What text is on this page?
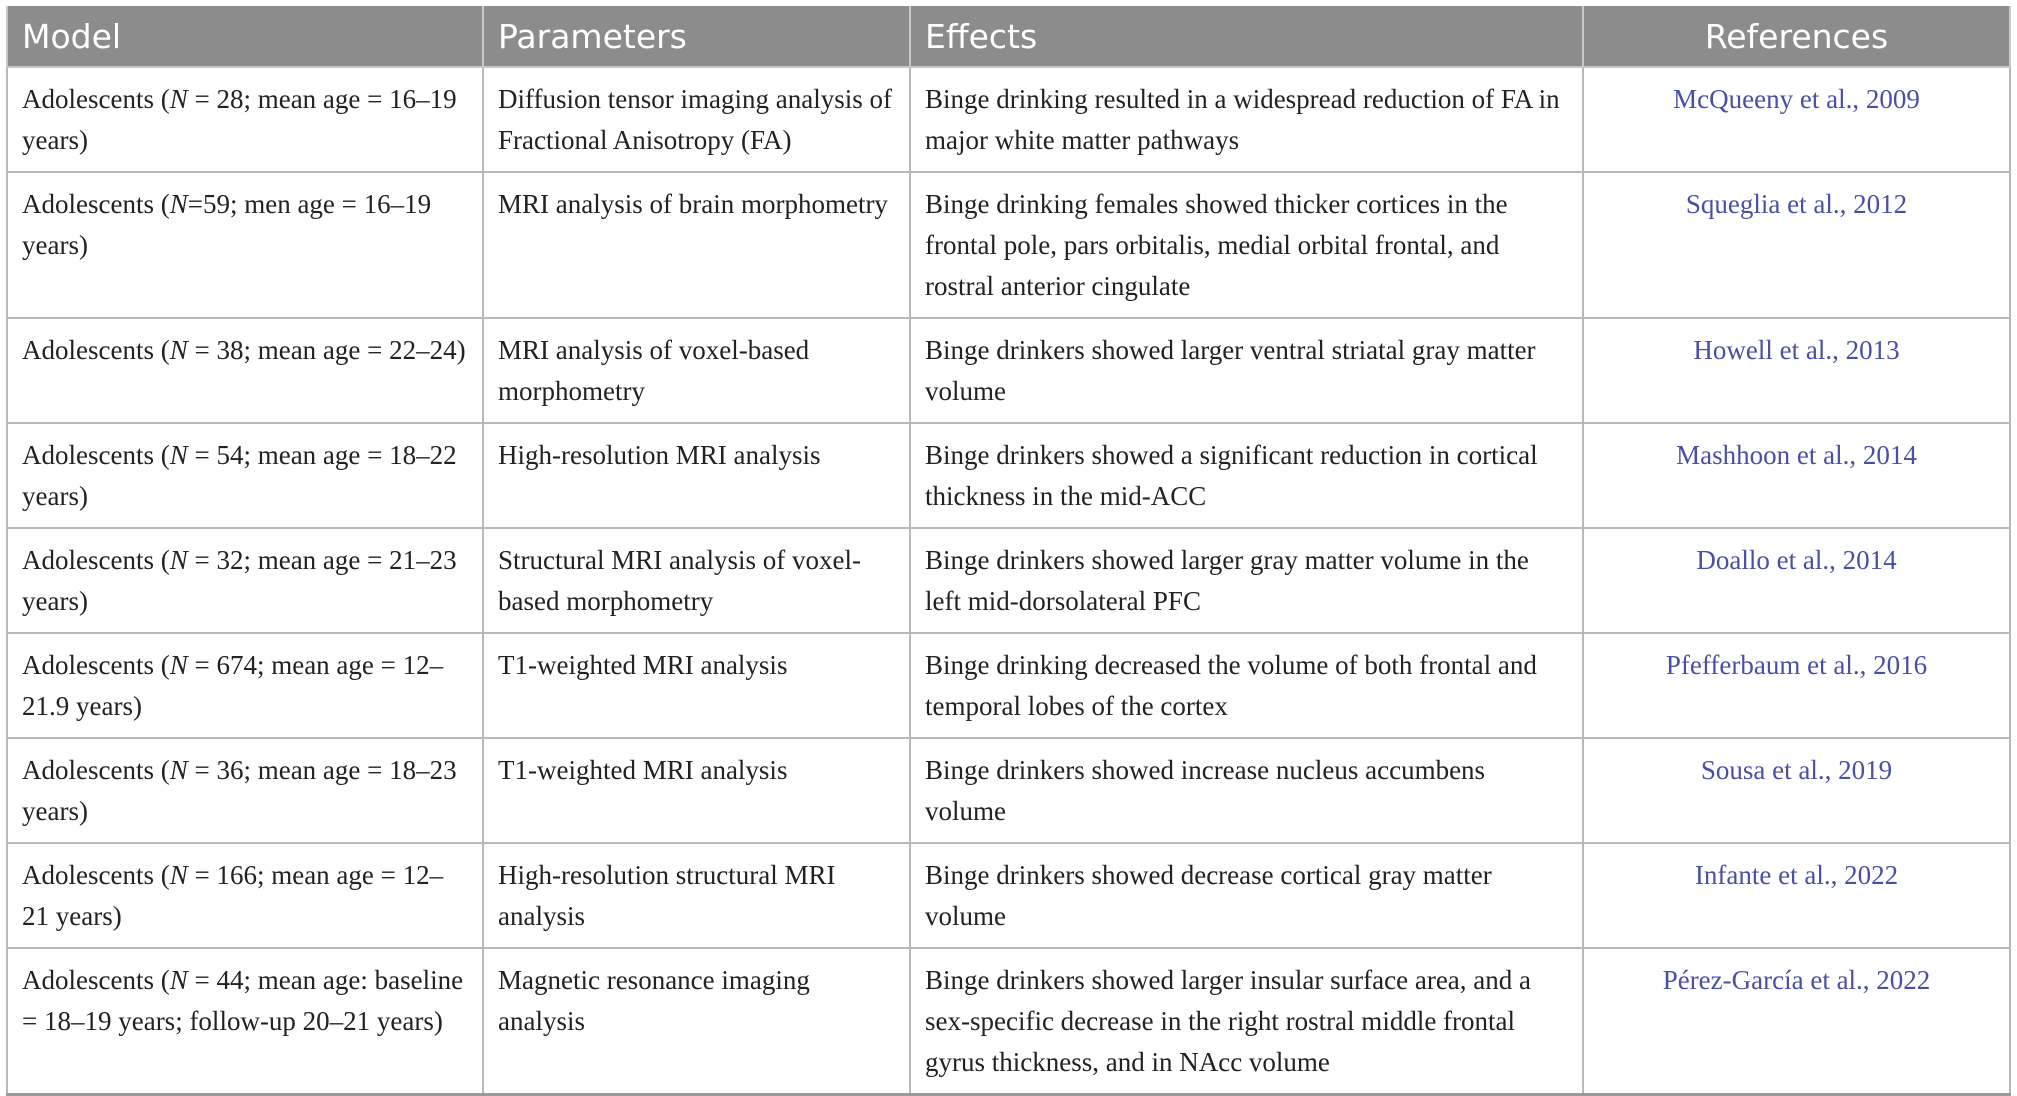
Model	Parameters	Effects	References
Adolescents (N = 28; mean age = 16–19 years)	Diffusion tensor imaging analysis of Fractional Anisotropy (FA)	Binge drinking resulted in a widespread reduction of FA in major white matter pathways	McQueeny et al., 2009
Adolescents (N=59; men age = 16–19 years)	MRI analysis of brain morphometry	Binge drinking females showed thicker cortices in the frontal pole, pars orbitalis, medial orbital frontal, and rostral anterior cingulate	Squeglia et al., 2012
Adolescents (N = 38; mean age = 22–24)	MRI analysis of voxel-based morphometry	Binge drinkers showed larger ventral striatal gray matter volume	Howell et al., 2013
Adolescents (N = 54; mean age = 18–22 years)	High-resolution MRI analysis	Binge drinkers showed a significant reduction in cortical thickness in the mid-ACC	Mashhoon et al., 2014
Adolescents (N = 32; mean age = 21–23 years)	Structural MRI analysis of voxel-based morphometry	Binge drinkers showed larger gray matter volume in the left mid-dorsolateral PFC	Doallo et al., 2014
Adolescents (N = 674; mean age = 12–21.9 years)	T1-weighted MRI analysis	Binge drinking decreased the volume of both frontal and temporal lobes of the cortex	Pfefferbaum et al., 2016
Adolescents (N = 36; mean age = 18–23 years)	T1-weighted MRI analysis	Binge drinkers showed increase nucleus accumbens volume	Sousa et al., 2019
Adolescents (N = 166; mean age = 12–21 years)	High-resolution structural MRI analysis	Binge drinkers showed decrease cortical gray matter volume	Infante et al., 2022
Adolescents (N = 44; mean age: baseline = 18–19 years; follow-up 20–21 years)	Magnetic resonance imaging analysis	Binge drinkers showed larger insular surface area, and a sex-specific decrease in the right rostral middle frontal gyrus thickness, and in NAcc volume	Pérez-García et al., 2022
